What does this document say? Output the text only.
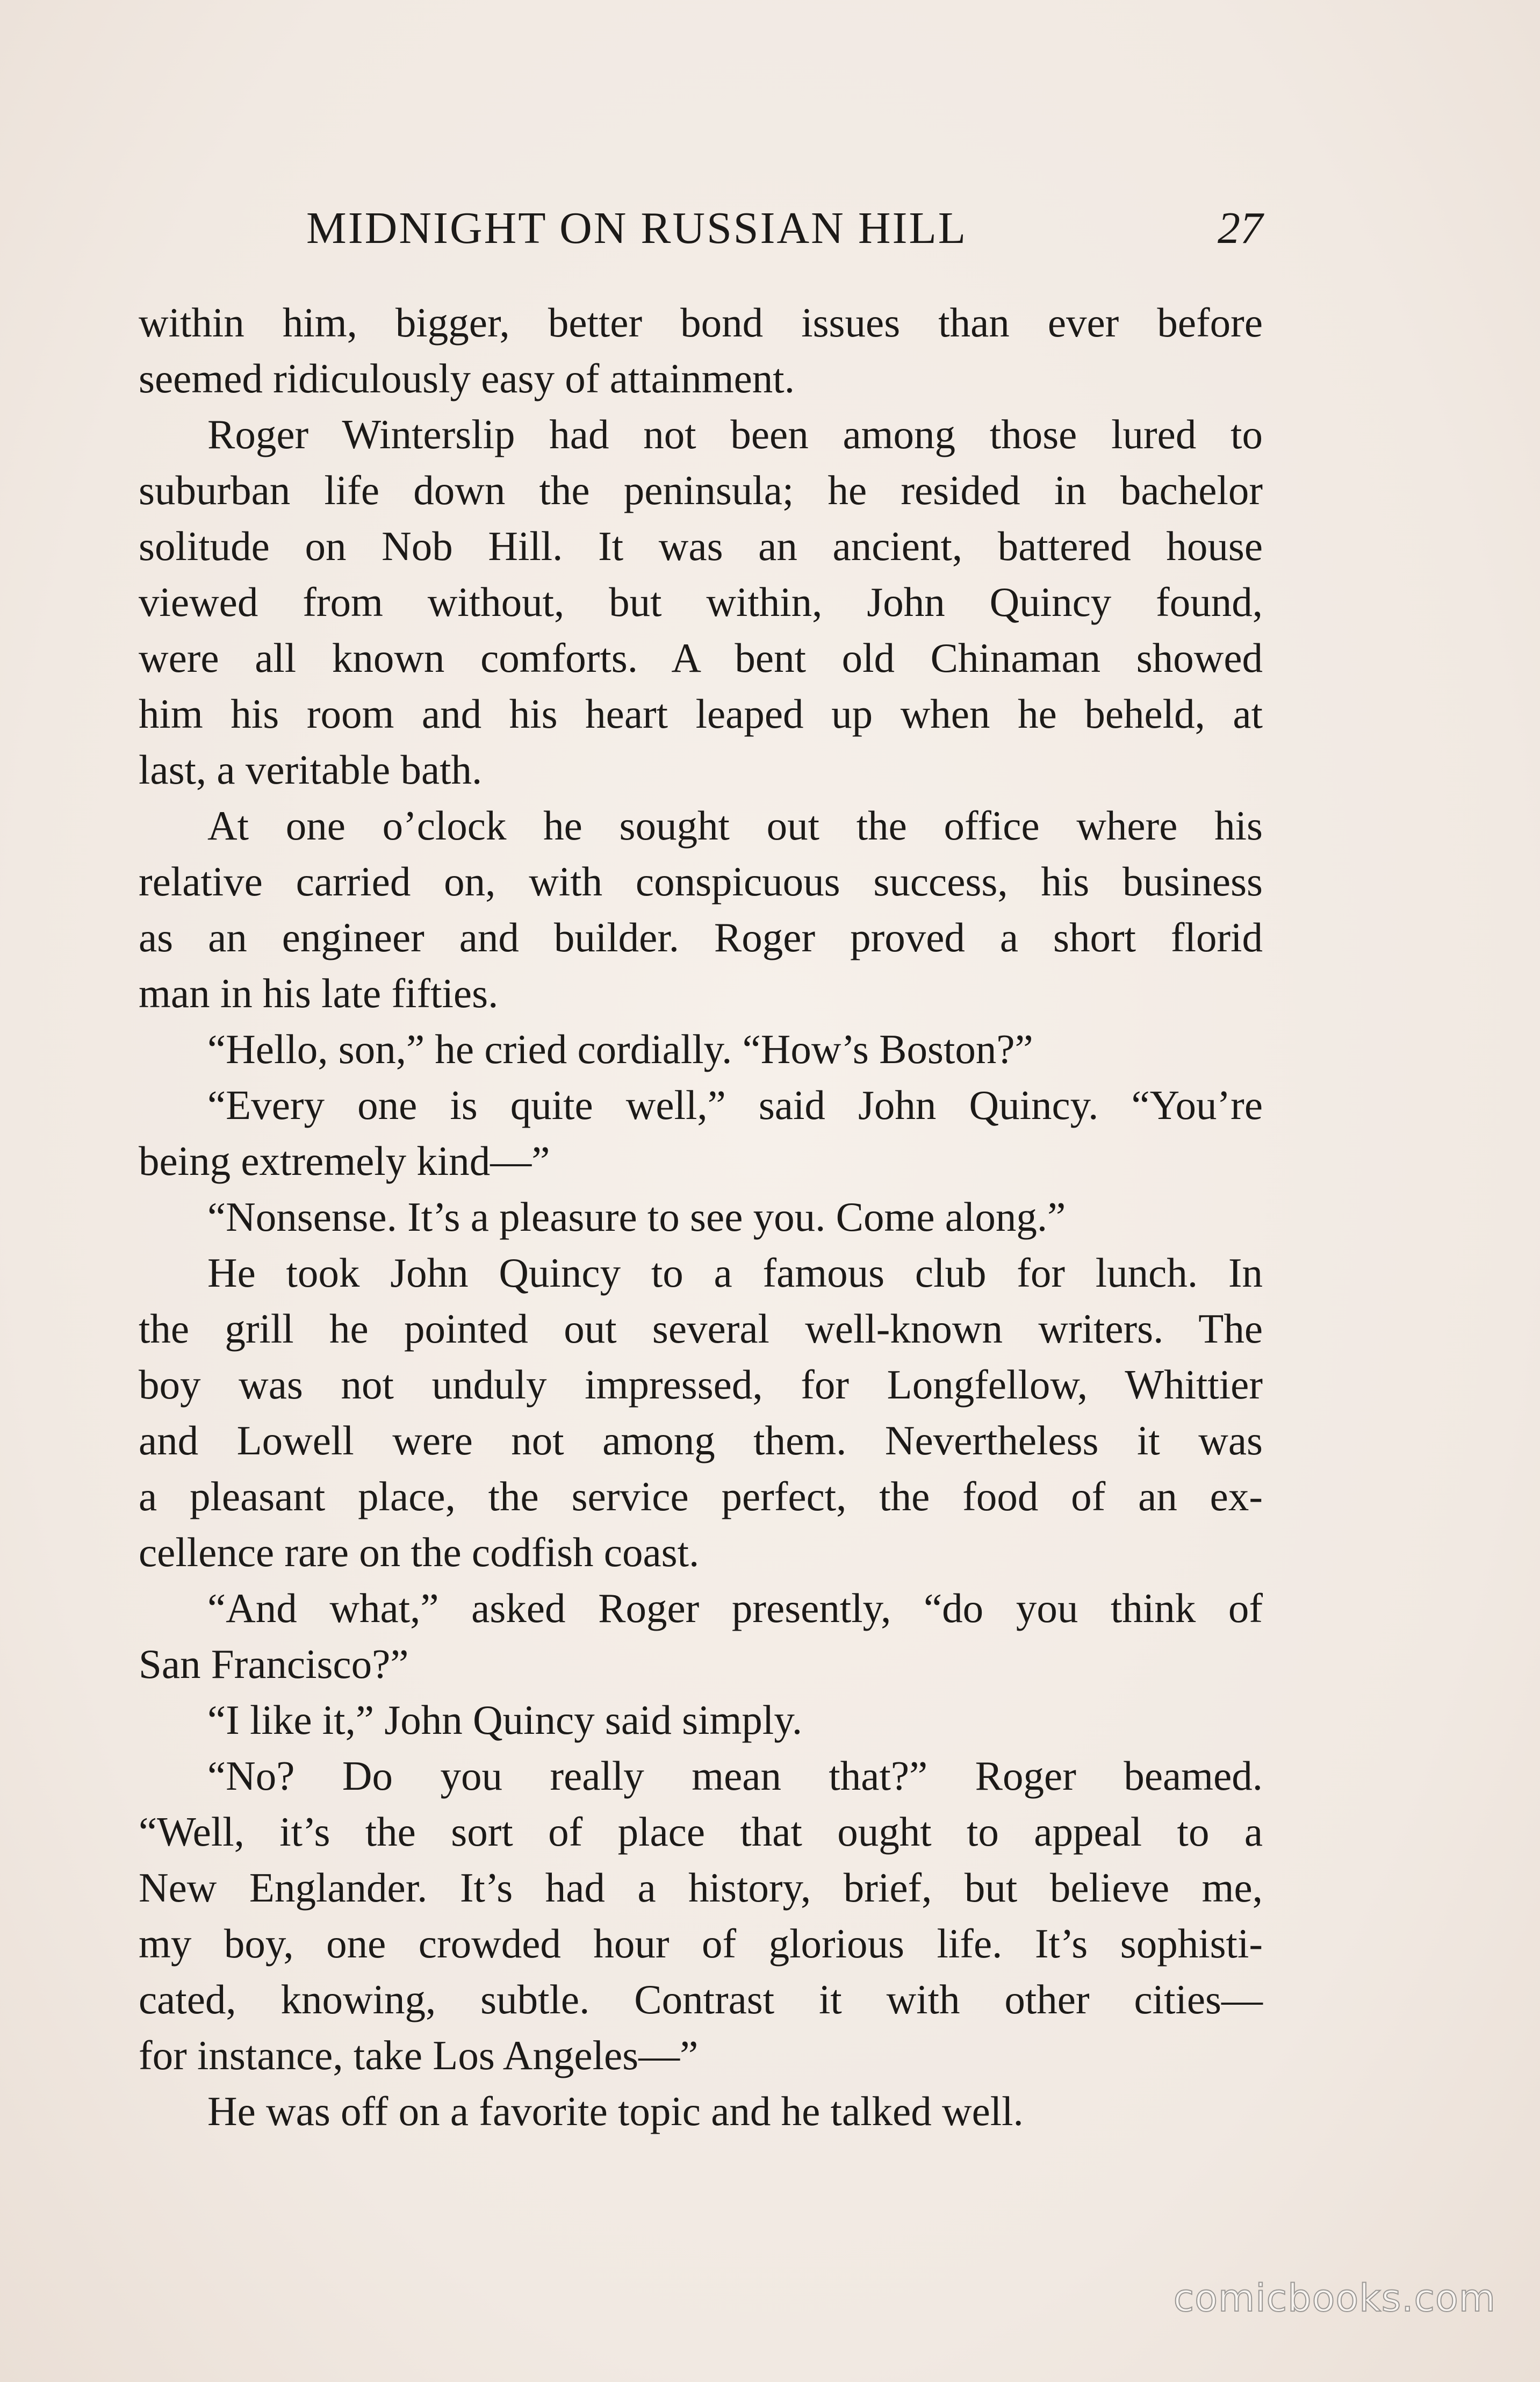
MIDNIGHT ON RUSSIAN HILL	27
within him, bigger, better bond issues than ever before
seemed ridiculously easy of attainment.
Roger Winterslip had not been among those lured to
suburban life down the peninsula; he resided in bachelor
solitude on Nob Hill. It was an ancient, battered house
viewed from without, but within, John Quincy found,
were all known comforts. A bent old Chinaman showed
him his room and his heart leaped up when he beheld, at
last, a veritable bath.
At one o’clock he sought out the office where his
relative carried on, with conspicuous success, his business
as an engineer and builder. Roger proved a short florid
man in his late fifties.
“Hello, son,” he cried cordially. “How’s Boston?”
“Every one is quite well,” said John Quincy. “You’re
being extremely kind—”
“Nonsense. It’s a pleasure to see you. Come along.”
He took John Quincy to a famous club for lunch. In
the grill he pointed out several well-known writers. The
boy was not unduly impressed, for Longfellow, Whittier
and Lowell were not among them. Nevertheless it was
a pleasant place, the service perfect, the food of an ex-
cellence rare on the codfish coast.
“And what,” asked Roger presently, “do you think of
San Francisco?”
“I like it,” John Quincy said simply.
“No? Do you really mean that?” Roger beamed.
“Well, it’s the sort of place that ought to appeal to a
New Englander. It’s had a history, brief, but believe me,
my boy, one crowded hour of glorious life. It’s sophisti-
cated, knowing, subtle. Contrast it with other cities—
for instance, take Los Angeles—”
He was off on a favorite topic and he talked well.
comicbooks.com
